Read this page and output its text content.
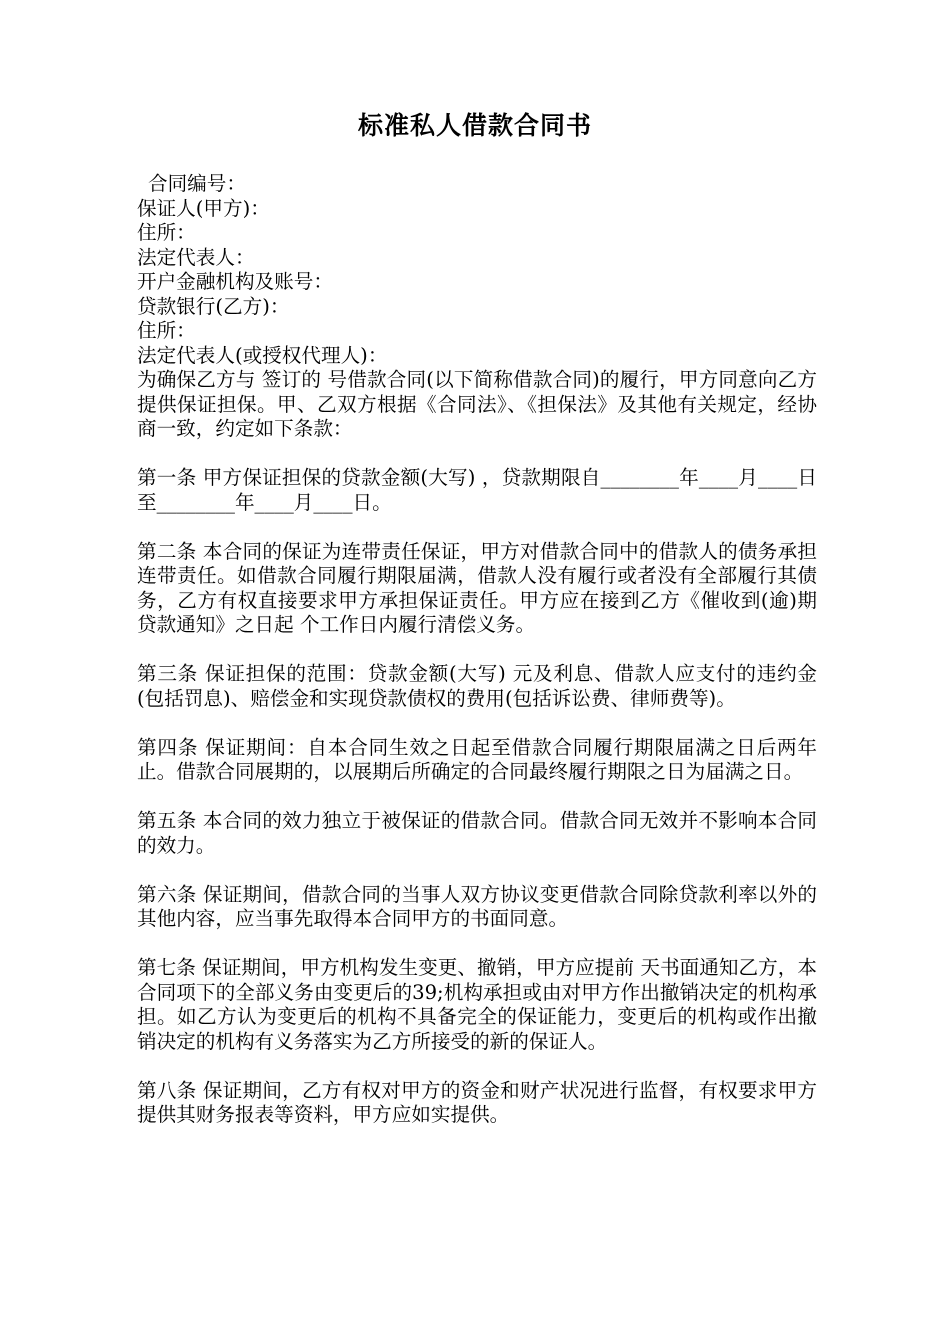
标准私人借款合同书
合同编号：
保证人(甲方)：
住所：
法定代表人：
开户金融机构及账号：
贷款银行(乙方)：
住所：
法定代表人(或授权代理人)：
为确保乙方与 签订的 号借款合同(以下简称借款合同)的履行，甲方同意向乙方提供保证担保。甲、乙双方根据《合同法》、《担保法》及其他有关规定，经协商一致，约定如下条款：
第一条 甲方保证担保的贷款金额(大写) ，贷款期限自________年____月____日至________年____月____日。
第二条 本合同的保证为连带责任保证，甲方对借款合同中的借款人的债务承担连带责任。如借款合同履行期限届满，借款人没有履行或者没有全部履行其债务，乙方有权直接要求甲方承担保证责任。甲方应在接到乙方《催收到(逾)期贷款通知》之日起 个工作日内履行清偿义务。
第三条 保证担保的范围：贷款金额(大写) 元及利息、借款人应支付的违约金(包括罚息)、赔偿金和实现贷款债权的费用(包括诉讼费、律师费等)。
第四条 保证期间：自本合同生效之日起至借款合同履行期限届满之日后两年止。借款合同展期的，以展期后所确定的合同最终履行期限之日为届满之日。
第五条 本合同的效力独立于被保证的借款合同。借款合同无效并不影响本合同的效力。
第六条 保证期间，借款合同的当事人双方协议变更借款合同除贷款利率以外的其他内容，应当事先取得本合同甲方的书面同意。
第七条 保证期间，甲方机构发生变更、撤销，甲方应提前 天书面通知乙方，本合同项下的全部义务由变更后的39;机构承担或由对甲方作出撤销决定的机构承担。如乙方认为变更后的机构不具备完全的保证能力，变更后的机构或作出撤销决定的机构有义务落实为乙方所接受的新的保证人。
第八条 保证期间，乙方有权对甲方的资金和财产状况进行监督，有权要求甲方提供其财务报表等资料，甲方应如实提供。
